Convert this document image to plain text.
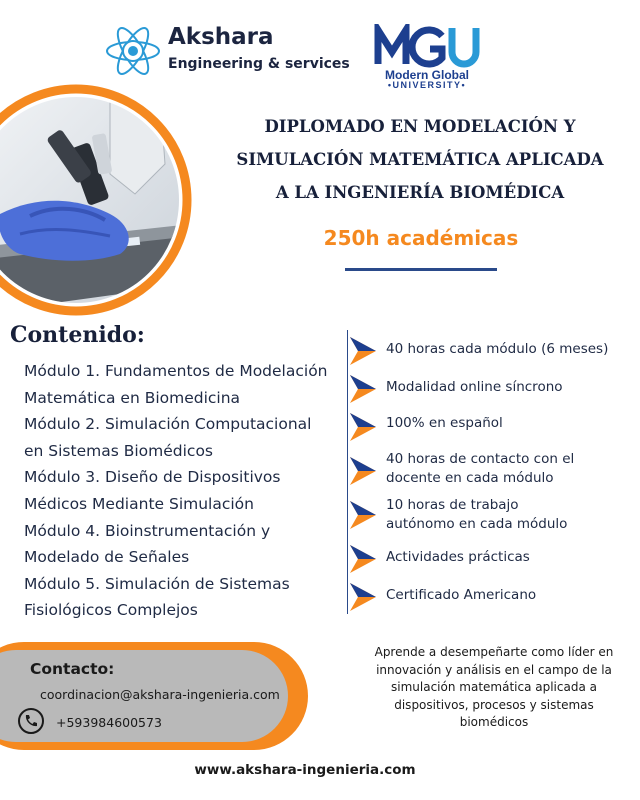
Akshara
Engineering & services
Modern Global
•UNIVERSITY•
DIPLOMADO EN MODELACIÓN Y
SIMULACIÓN MATEMÁTICA APLICADA
A LA INGENIERÍA BIOMÉDICA
250h académicas
Contenido:
Módulo 1. Fundamentos de Modelación
Matemática en Biomedicina
Módulo 2. Simulación Computacional
en Sistemas Biomédicos
Módulo 3. Diseño de Dispositivos
Médicos Mediante Simulación
Módulo 4. Bioinstrumentación y
Modelado de Señales
Módulo 5. Simulación de Sistemas
Fisiológicos Complejos
40 horas cada módulo (6 meses)
Modalidad online síncrono
100% en español
40 horas de contacto con el
docente en cada módulo
10 horas de trabajo
autónomo en cada módulo
Actividades prácticas
Certificado Americano
Contacto:
coordinacion@akshara-ingenieria.com
+593984600573
Aprende a desempeñarte como líder en
innovación y análisis en el campo de la
simulación matemática aplicada a
dispositivos, procesos y sistemas
biomédicos
www.akshara-ingenieria.com
